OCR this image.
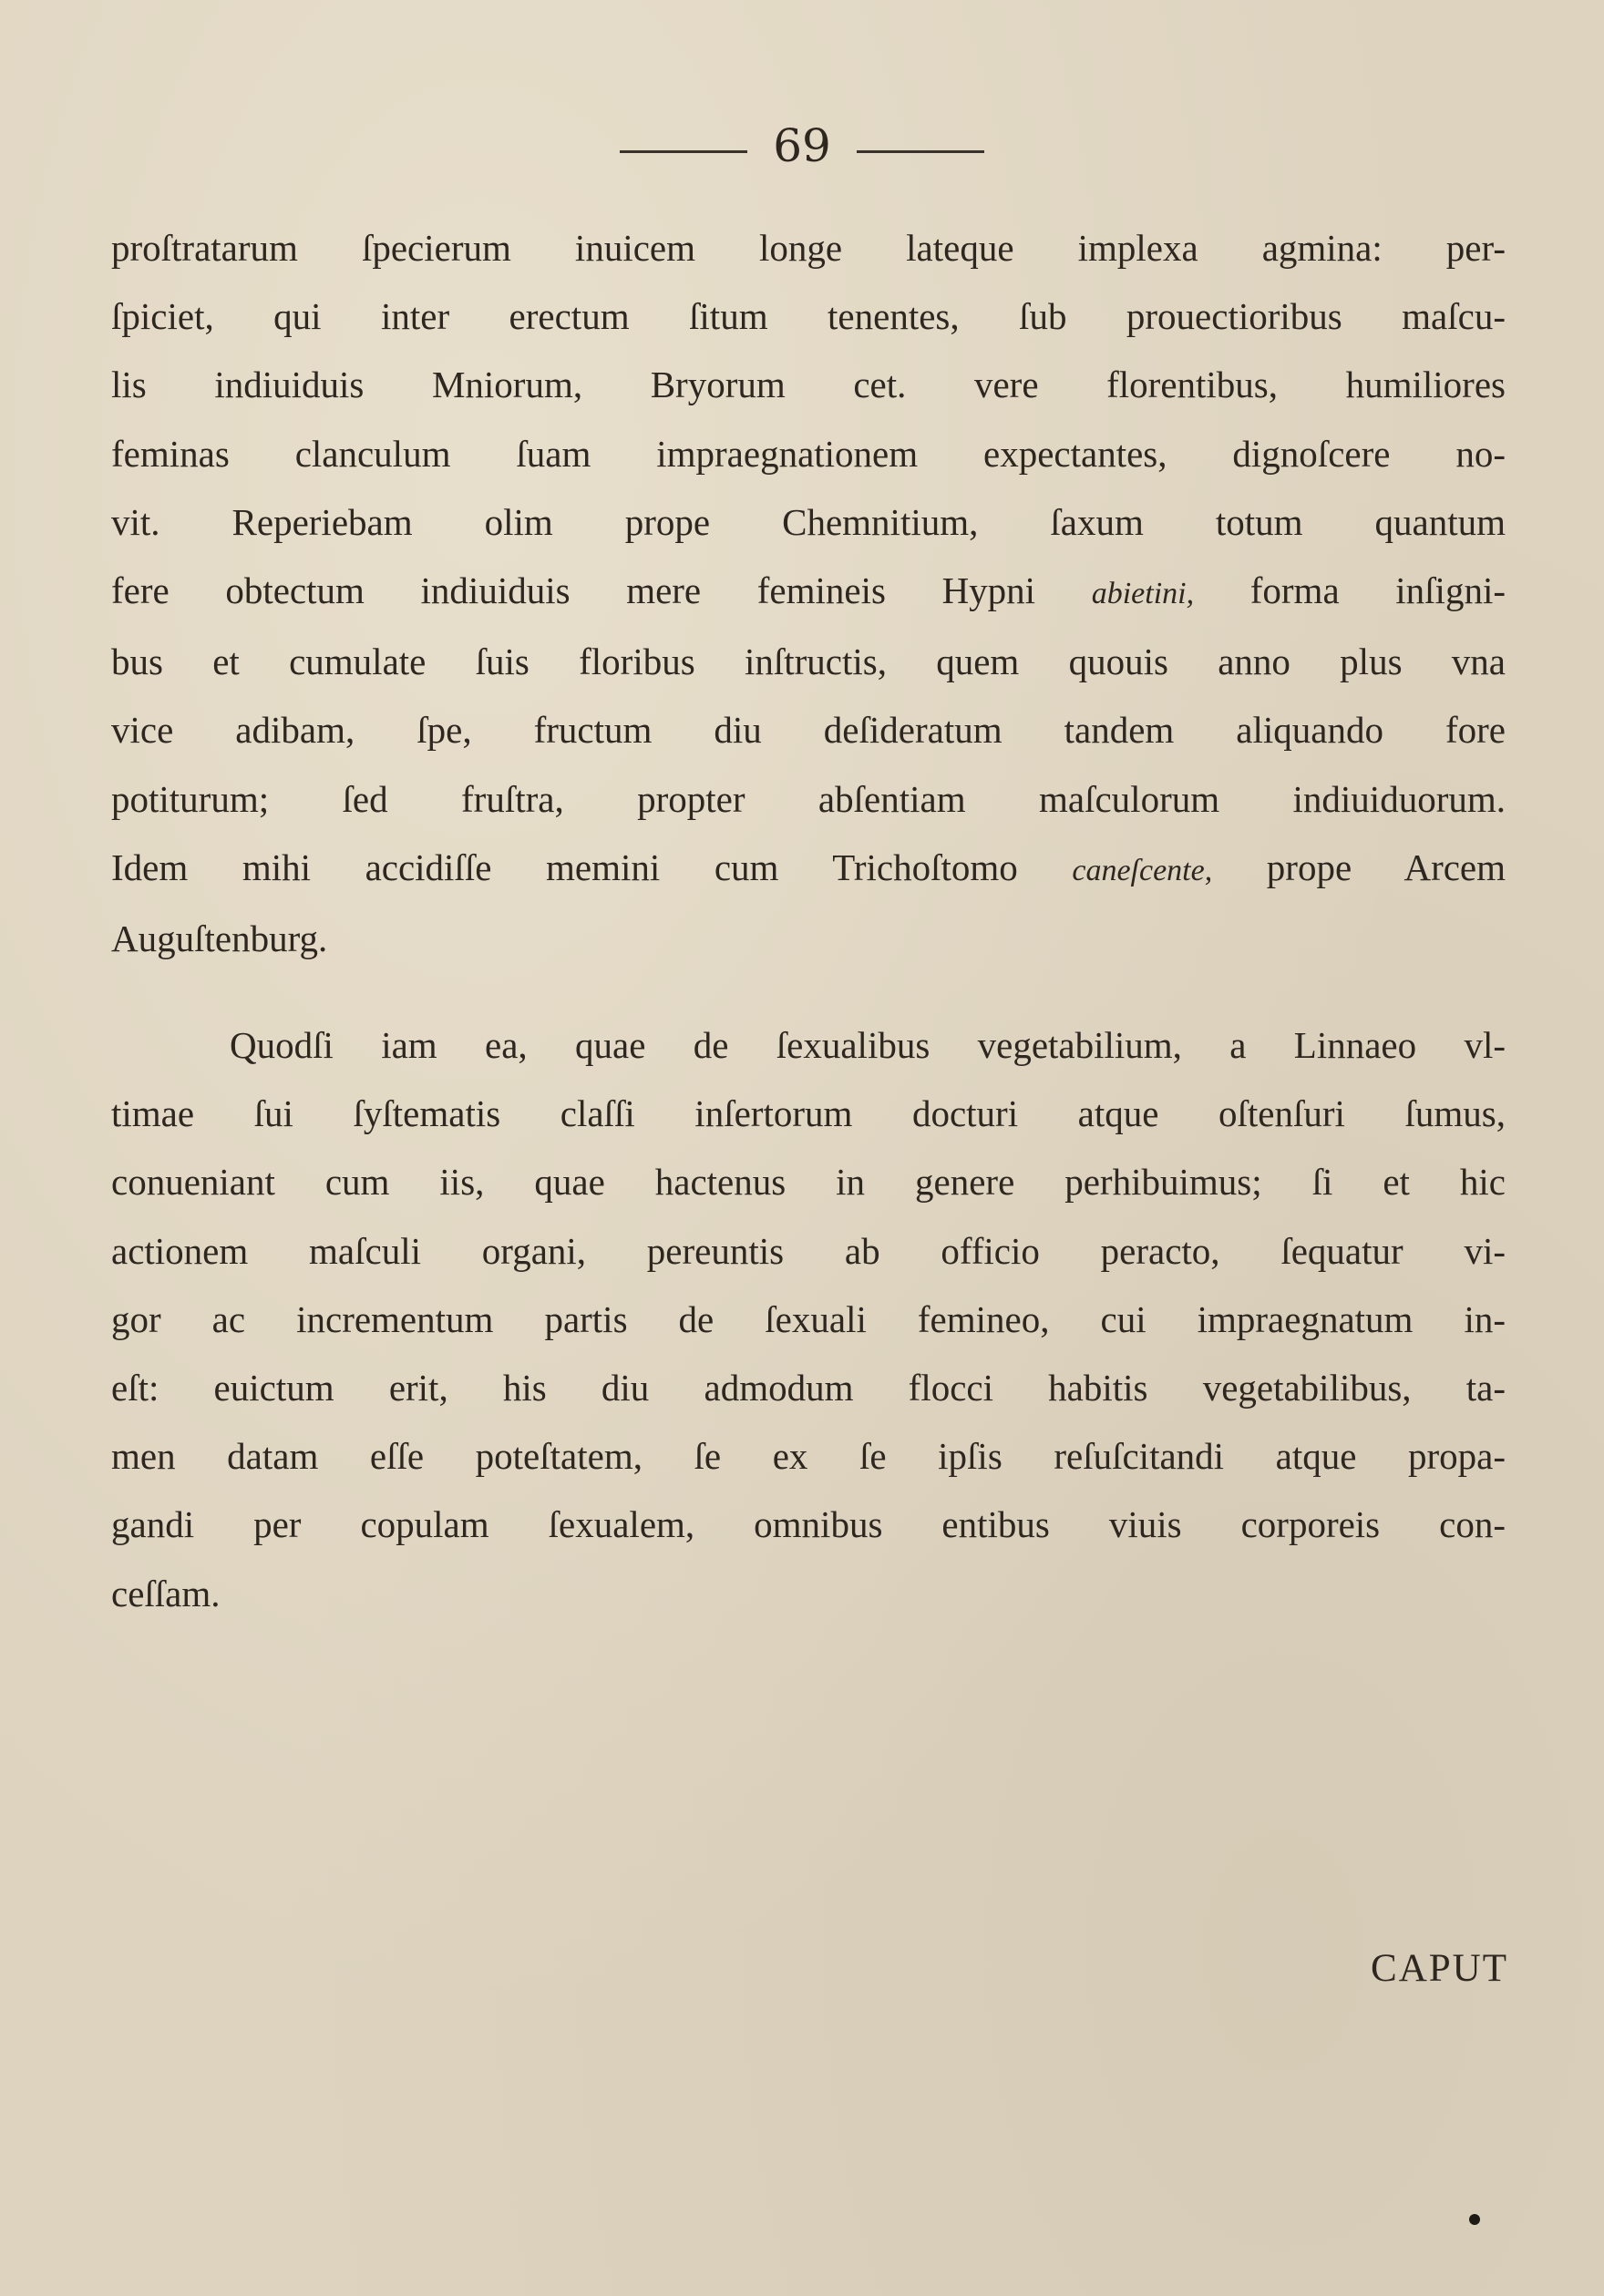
69
proſtratarum ſpecierum inuicem longe lateque implexa agmina: per-
ſpiciet, qui inter erectum ſitum tenentes, ſub prouectioribus maſcu-
lis indiuiduis Mniorum, Bryorum cet. vere florentibus, humiliores
feminas clanculum ſuam impraegnationem expectantes, dignoſcere no-
vit. Reperiebam olim prope Chemnitium, ſaxum totum quantum
fere obtectum indiuiduis mere femineis Hypni abietini, forma inſigni-
bus et cumulate ſuis floribus inſtructis, quem quouis anno plus vna
vice adibam, ſpe, fructum diu deſideratum tandem aliquando fore
potiturum; ſed fruſtra, propter abſentiam maſculorum indiuiduorum.
Idem mihi accidiſſe memini cum Trichoſtomo caneſcente, prope Arcem
Auguſtenburg.
Quodſi iam ea, quae de ſexualibus vegetabilium, a Linnaeo vl-
timae ſui ſyſtematis claſſi inſertorum docturi atque oſtenſuri ſumus,
conueniant cum iis, quae hactenus in genere perhibuimus; ſi et hic
actionem maſculi organi, pereuntis ab officio peracto, ſequatur vi-
gor ac incrementum partis de ſexuali femineo, cui impraegnatum in-
eſt: euictum erit, his diu admodum flocci habitis vegetabilibus, ta-
men datam eſſe poteſtatem, ſe ex ſe ipſis reſuſcitandi atque propa-
gandi per copulam ſexualem, omnibus entibus viuis corporeis con-
ceſſam.
CAPUT
